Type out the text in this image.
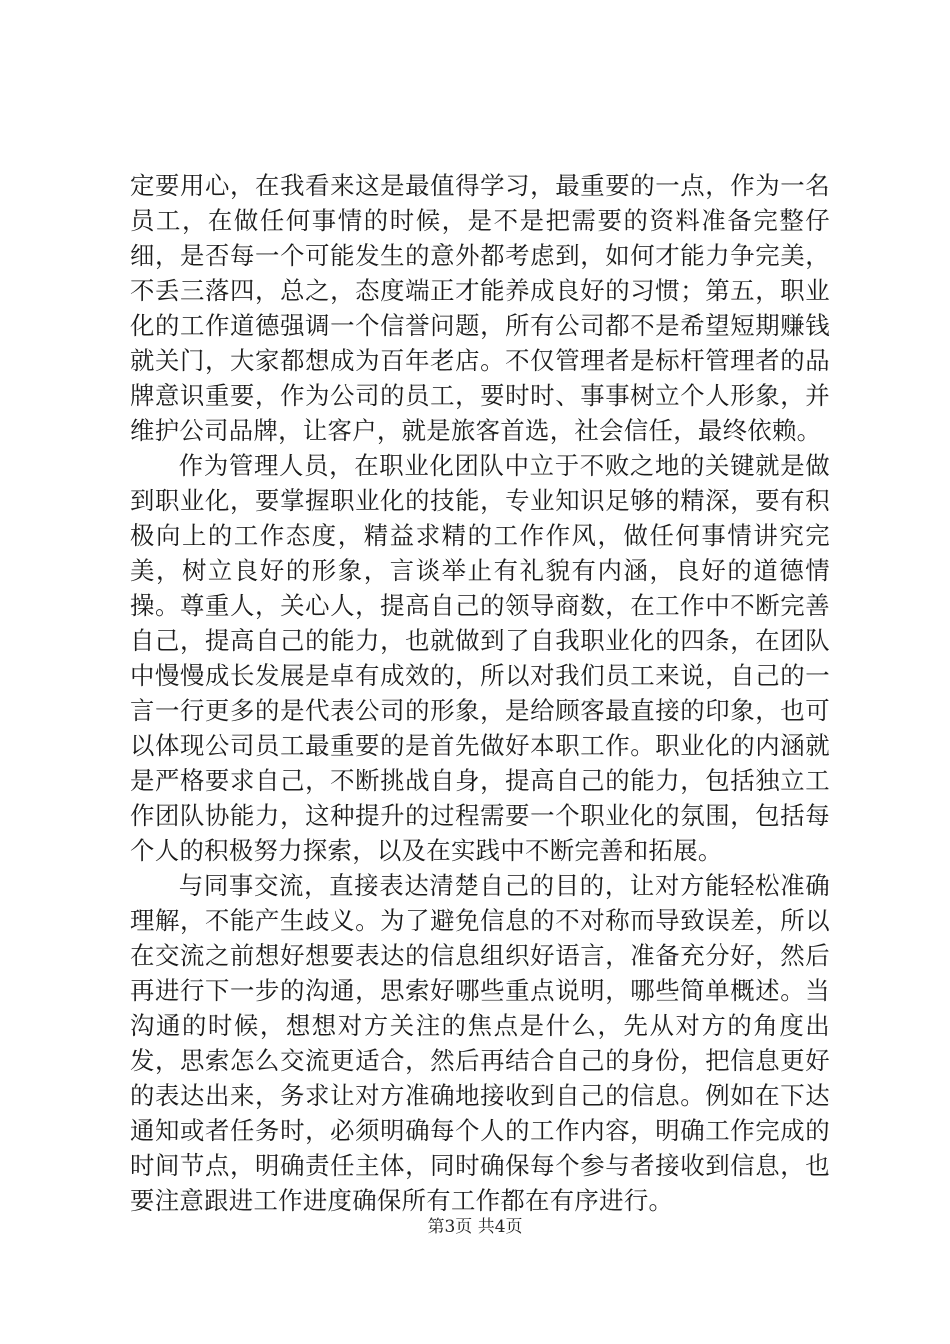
定要用心，在我看来这是最值得学习，最重要的一点，作为一名员工，在做任何事情的时候，是不是把需要的资料准备完整仔细，是否每一个可能发生的意外都考虑到，如何才能力争完美，不丢三落四，总之，态度端正才能养成良好的习惯；第五，职业化的工作道德强调一个信誉问题，所有公司都不是希望短期赚钱就关门，大家都想成为百年老店。不仅管理者是标杆管理者的品牌意识重要，作为公司的员工，要时时、事事树立个人形象，并维护公司品牌，让客户，就是旅客首选，社会信任，最终依赖。

作为管理人员，在职业化团队中立于不败之地的关键就是做到职业化，要掌握职业化的技能，专业知识足够的精深，要有积极向上的工作态度，精益求精的工作作风，做任何事情讲究完美，树立良好的形象，言谈举止有礼貌有内涵，良好的道德情操。尊重人，关心人，提高自己的领导商数，在工作中不断完善自己，提高自己的能力，也就做到了自我职业化的四条，在团队中慢慢成长发展是卓有成效的，所以对我们员工来说，自己的一言一行更多的是代表公司的形象，是给顾客最直接的印象，也可以体现公司员工最重要的是首先做好本职工作。职业化的内涵就是严格要求自己，不断挑战自身，提高自己的能力，包括独立工作团队协能力，这种提升的过程需要一个职业化的氛围，包括每个人的积极努力探索，以及在实践中不断完善和拓展。

与同事交流，直接表达清楚自己的目的，让对方能轻松准确理解，不能产生歧义。为了避免信息的不对称而导致误差，所以在交流之前想好想要表达的信息组织好语言，准备充分好，然后再进行下一步的沟通，思索好哪些重点说明，哪些简单概述。当沟通的时候，想想对方关注的焦点是什么，先从对方的角度出发，思索怎么交流更适合，然后再结合自己的身份，把信息更好的表达出来，务求让对方准确地接收到自己的信息。例如在下达通知或者任务时，必须明确每个人的工作内容，明确工作完成的时间节点，明确责任主体，同时确保每个参与者接收到信息，也要注意跟进工作进度确保所有工作都在有序进行。

第3页 共4页
